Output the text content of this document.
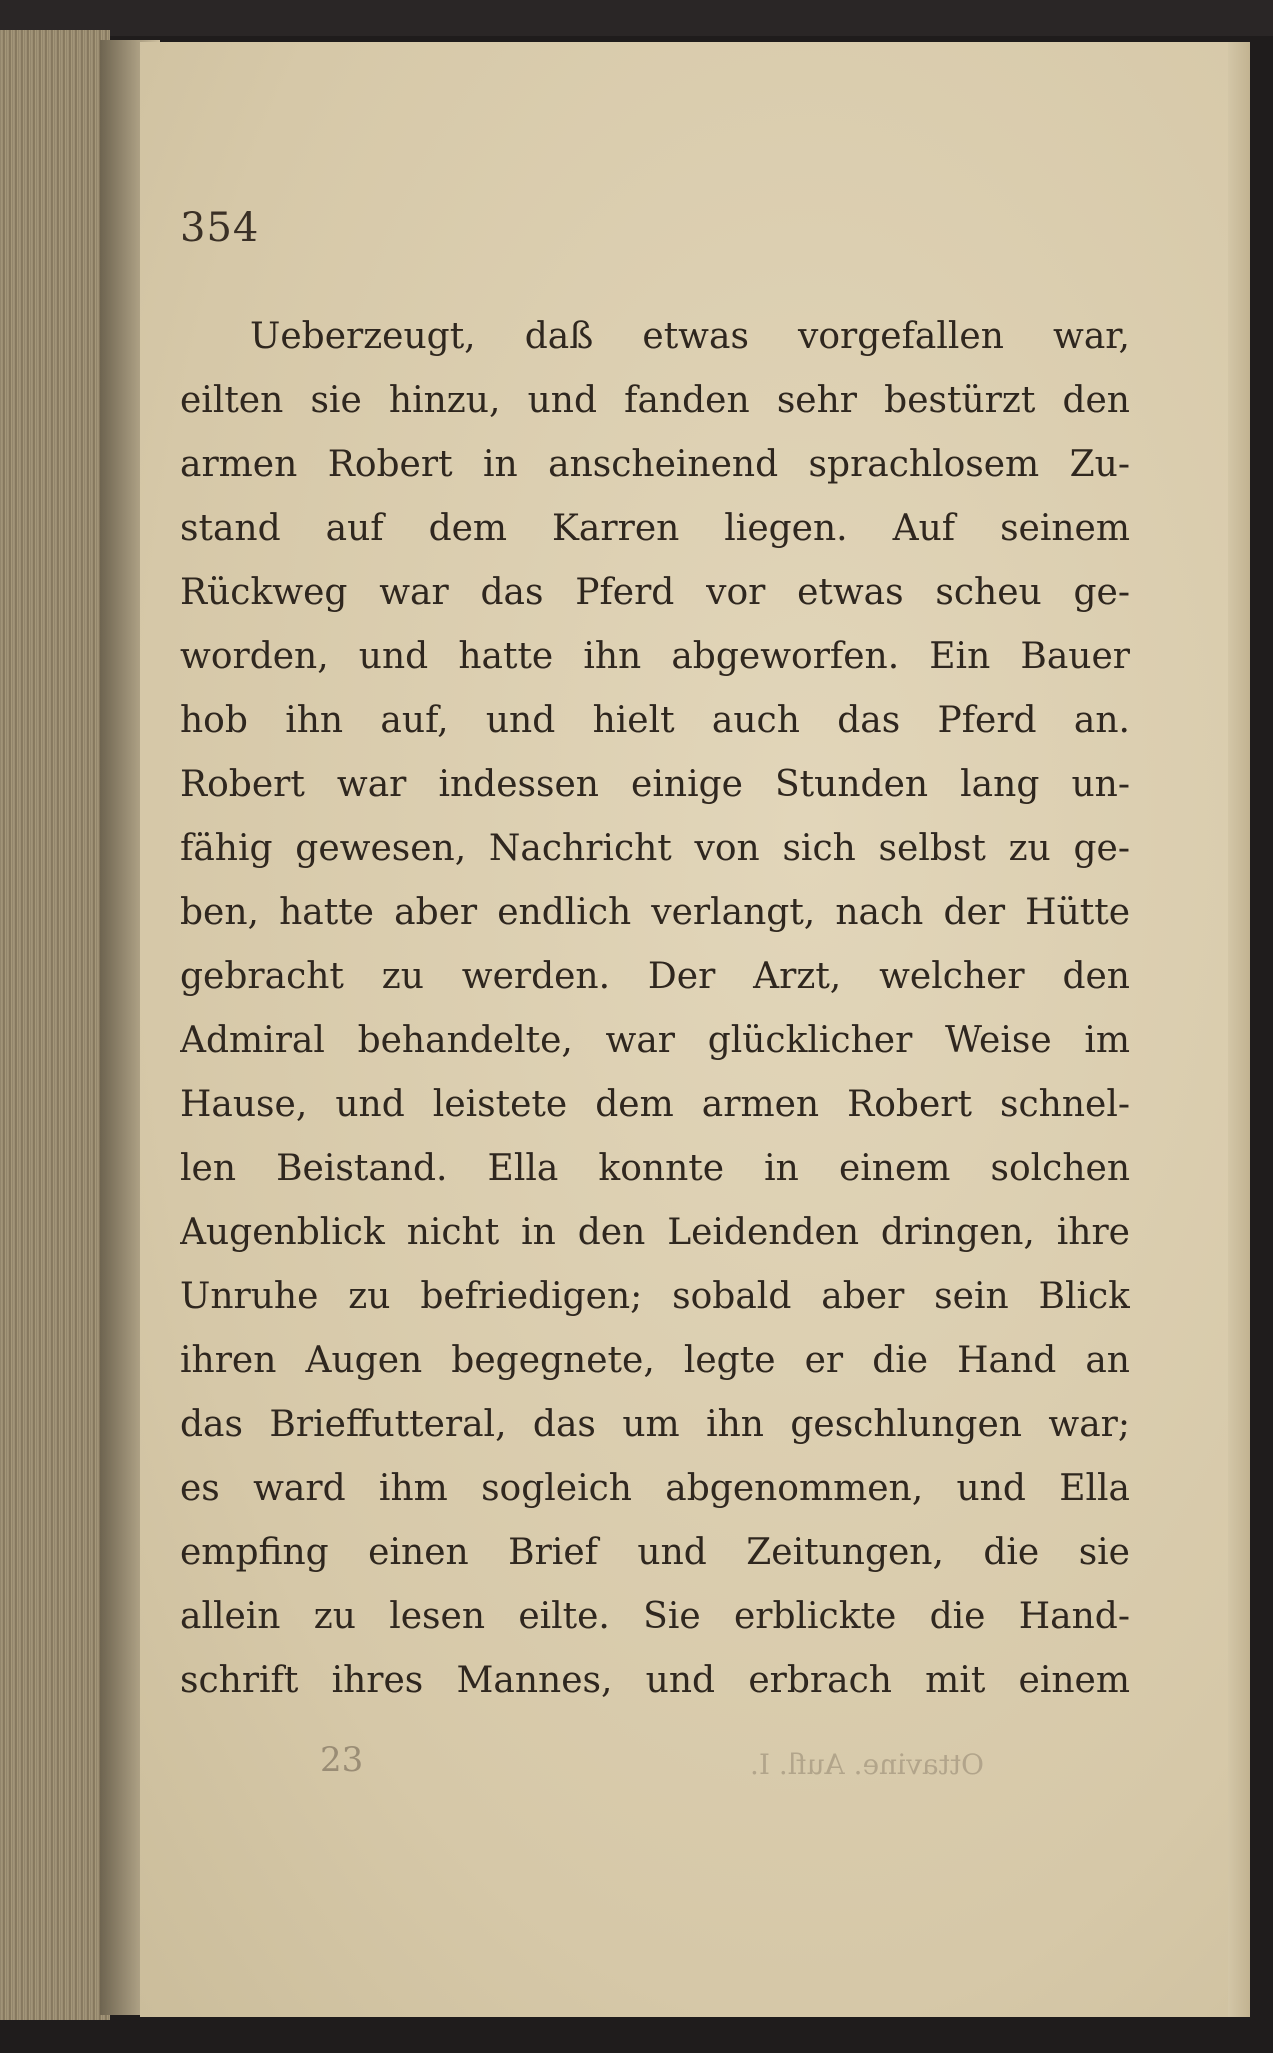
354
Ueberzeugt, daß etwas vorgefallen war,
eilten sie hinzu, und fanden sehr bestürzt den
armen Robert in anscheinend sprachlosem Zu-
stand auf dem Karren liegen. Auf seinem
Rückweg war das Pferd vor etwas scheu ge-
worden, und hatte ihn abgeworfen. Ein Bauer
hob ihn auf, und hielt auch das Pferd an.
Robert war indessen einige Stunden lang un-
fähig gewesen, Nachricht von sich selbst zu ge-
ben, hatte aber endlich verlangt, nach der Hütte
gebracht zu werden. Der Arzt, welcher den
Admiral behandelte, war glücklicher Weise im
Hause, und leistete dem armen Robert schnel-
len Beistand. Ella konnte in einem solchen
Augenblick nicht in den Leidenden dringen, ihre
Unruhe zu befriedigen; sobald aber sein Blick
ihren Augen begegnete, legte er die Hand an
das Brieffutteral, das um ihn geschlungen war;
es ward ihm sogleich abgenommen, und Ella
empfing einen Brief und Zeitungen, die sie
allein zu lesen eilte. Sie erblickte die Hand-
schrift ihres Mannes, und erbrach mit einem
23	Ottavine. Aufl. I.
